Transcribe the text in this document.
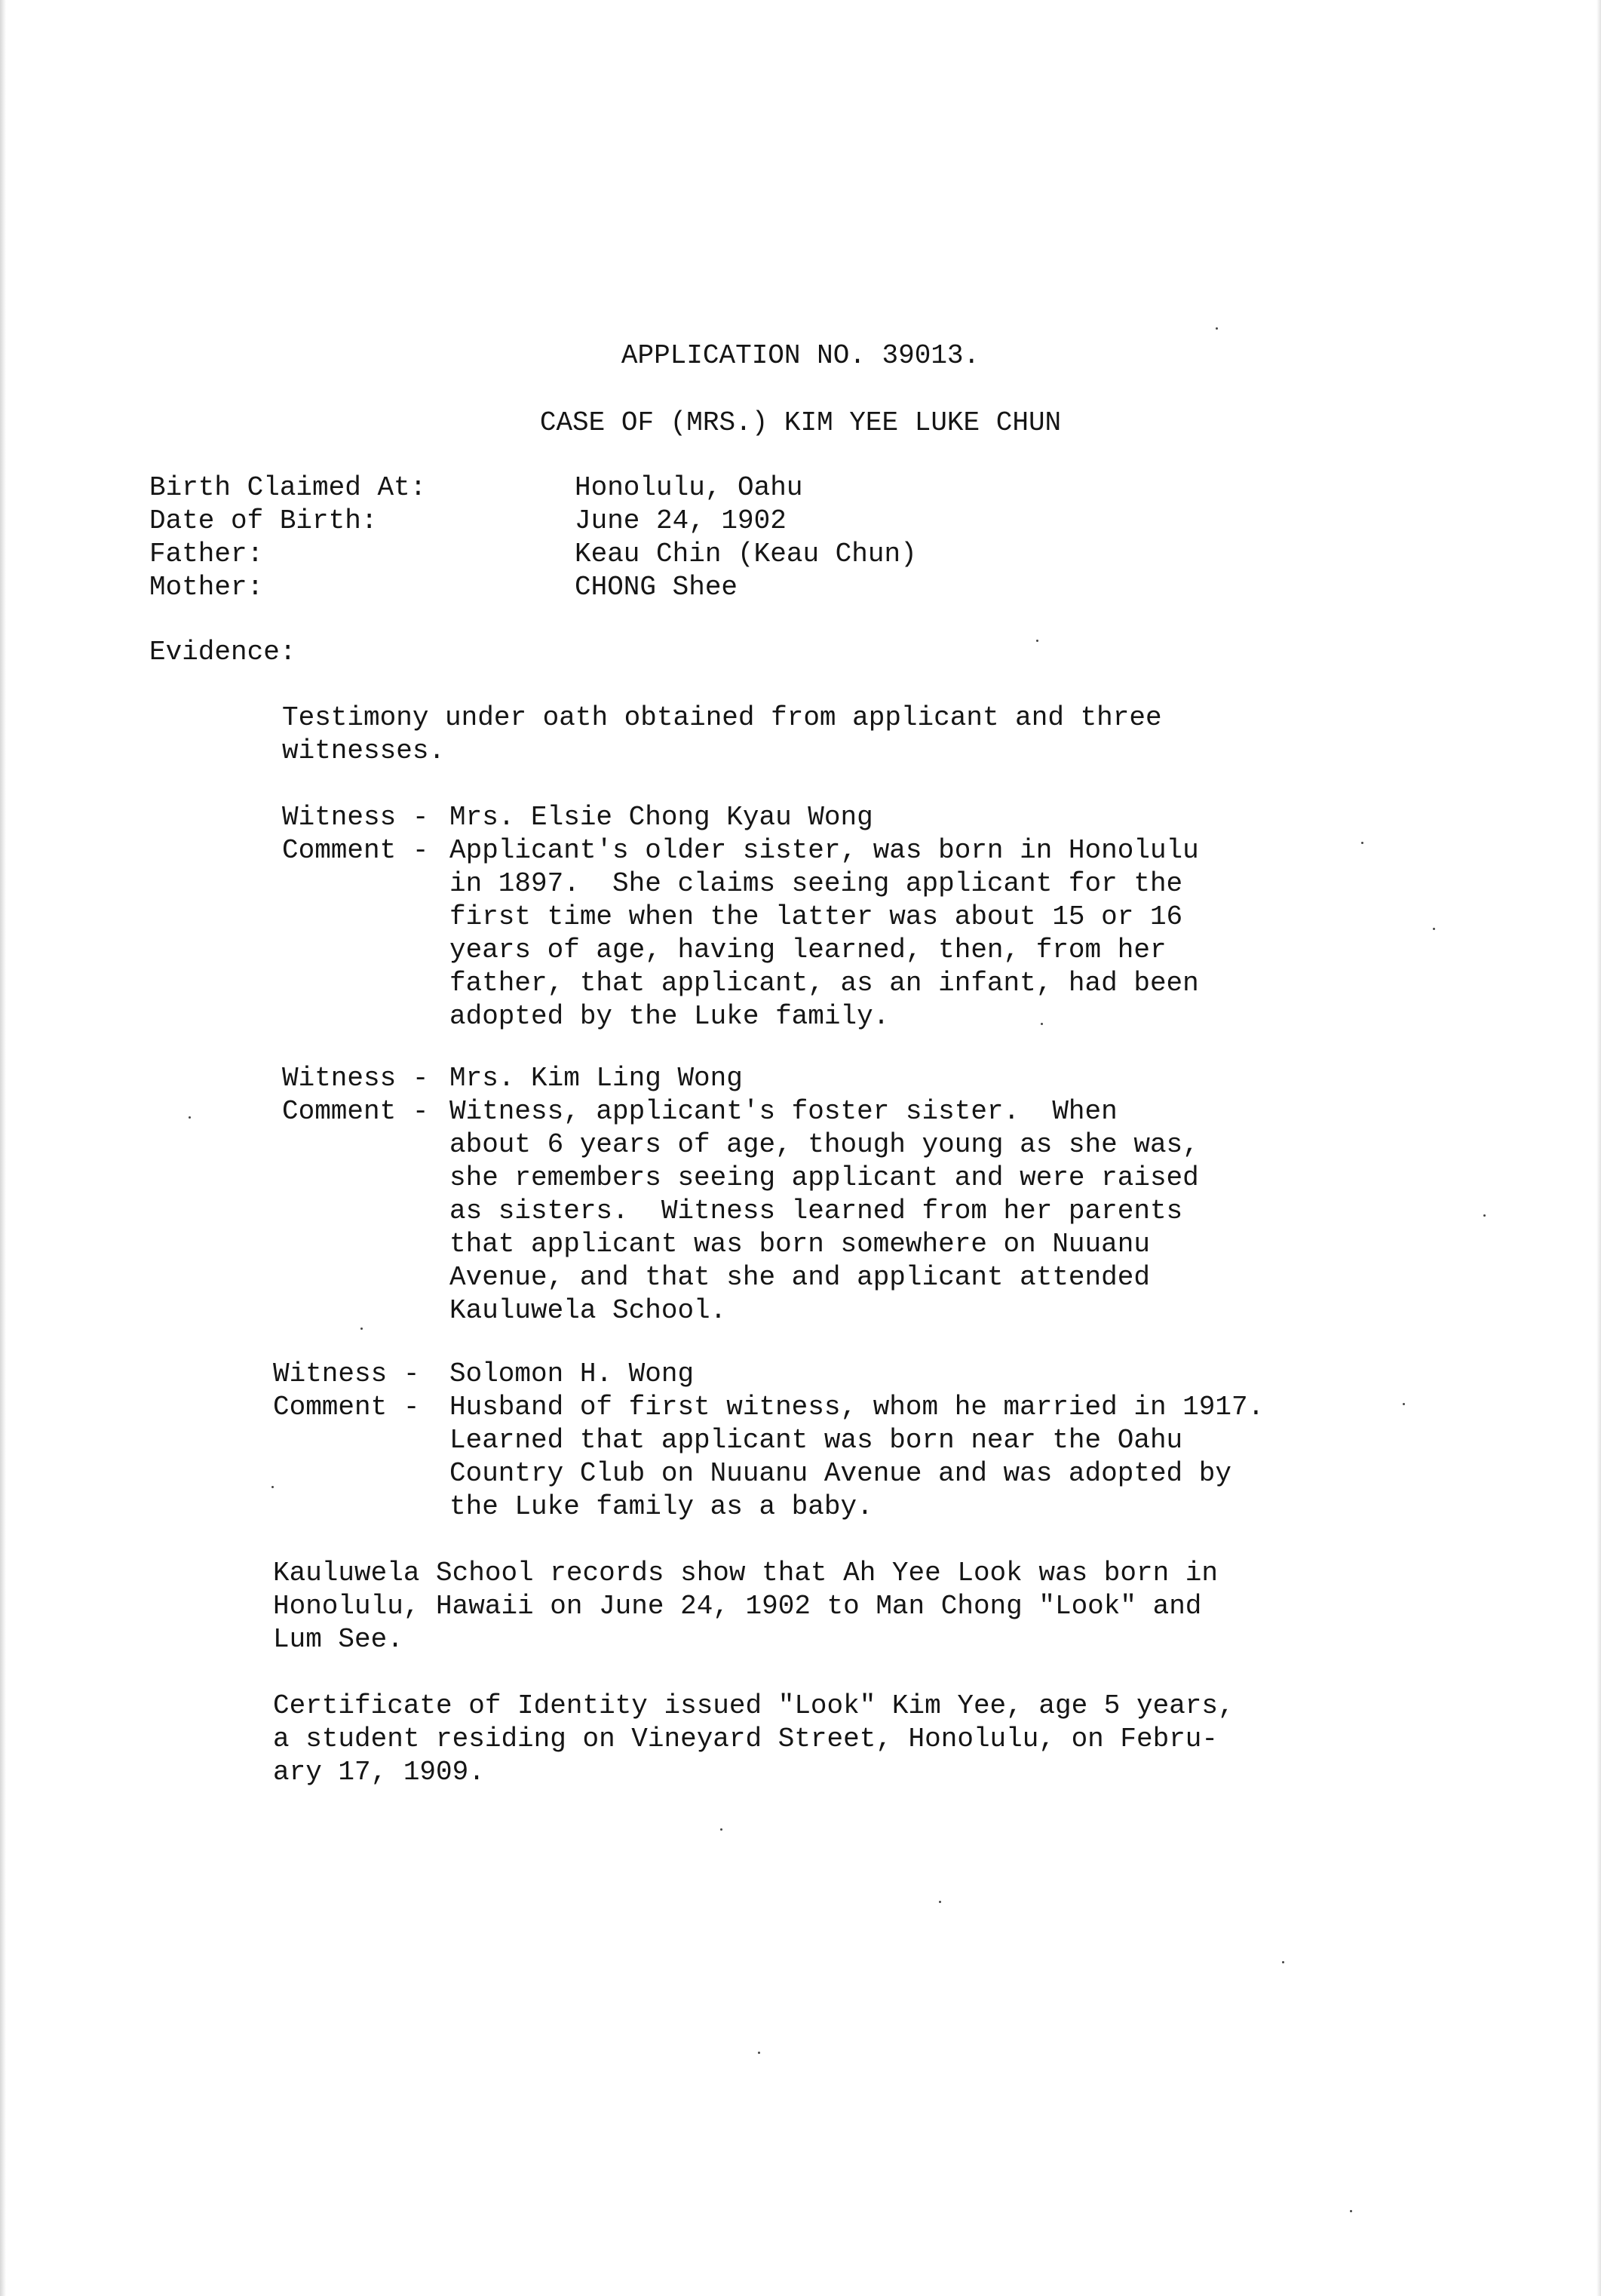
APPLICATION NO. 39013.
CASE OF (MRS.) KIM YEE LUKE CHUN
Birth Claimed At:	Honolulu, Oahu
Date of Birth:	June 24, 1902
Father:	Keau Chin (Keau Chun)
Mother:	CHONG Shee
Evidence:
Testimony under oath obtained from applicant and three
witnesses.
Witness - Mrs. Elsie Chong Kyau Wong
Comment - Applicant's older sister, was born in Honolulu
in 1897.  She claims seeing applicant for the
first time when the latter was about 15 or 16
years of age, having learned, then, from her
father, that applicant, as an infant, had been
adopted by the Luke family.
Witness - Mrs. Kim Ling Wong
Comment - Witness, applicant's foster sister.  When
about 6 years of age, though young as she was,
she remembers seeing applicant and were raised
as sisters.  Witness learned from her parents
that applicant was born somewhere on Nuuanu
Avenue, and that she and applicant attended
Kauluwela School.
Witness - Solomon H. Wong
Comment - Husband of first witness, whom he married in 1917.
Learned that applicant was born near the Oahu
Country Club on Nuuanu Avenue and was adopted by
the Luke family as a baby.
Kauluwela School records show that Ah Yee Look was born in
Honolulu, Hawaii on June 24, 1902 to Man Chong "Look" and
Lum See.
Certificate of Identity issued "Look" Kim Yee, age 5 years,
a student residing on Vineyard Street, Honolulu, on Febru-
ary 17, 1909.
